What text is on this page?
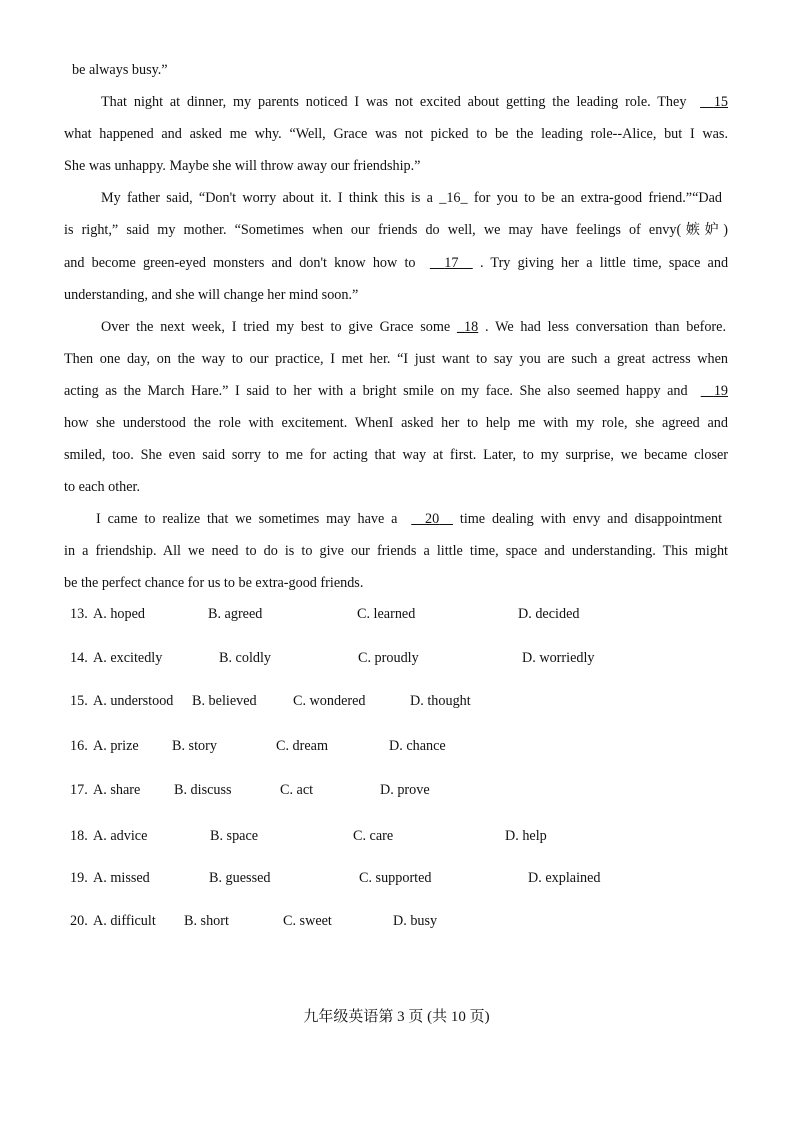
be always busy.”
That night at dinner, my parents noticed I was not excited about getting the leading role. They 15
what happened and asked me why. “Well, Grace was not picked to be the leading role--Alice, but I was.
She was unhappy. Maybe she will throw away our friendship.”
My father said, “Don't worry about it. I think this is a _16_ for you to be an extra-good friend.”“Dad
is right,” said my mother. “Sometimes when our friends do well, we may have feelings of envy(嫉妒)
and become green-eyed monsters and don't know how to 17 . Try giving her a little time, space and
understanding, and she will change her mind soon.”
Over the next week, I tried my best to give Grace some _18 . We had less conversation than before.
Then one day, on the way to our practice, I met her. “I just want to say you are such a great actress when
acting as the March Hare.” I said to her with a bright smile on my face. She also seemed happy and 19
how she understood the role with excitement. WhenI asked her to help me with my role, she agreed and
smiled, too. She even said sorry to me for acting that way at first. Later, to my surprise, we became closer
to each other.
I came to realize that we sometimes may have a 20 time dealing with envy and disappointment
in a friendship. All we need to do is to give our friends a little time, space and understanding. This might
be the perfect chance for us to be extra-good friends.
13. A. hoped	B. agreed	C. learned	D. decided
14. A. excitedly	B. coldly	C. proudly	D. worriedly
15. A. understood B. believed	C. wondered	D. thought
16. A. prize B. story	C. dream	D. chance
17. A. share B. discuss	C. act	D. prove
18. A. advice	B. space	C. care	D. help
19. A. missed	B. guessed	C. supported	D. explained
20. A. difficult B. short	C. sweet	D. busy
九年级英语第 3 页 (共 10 页)
